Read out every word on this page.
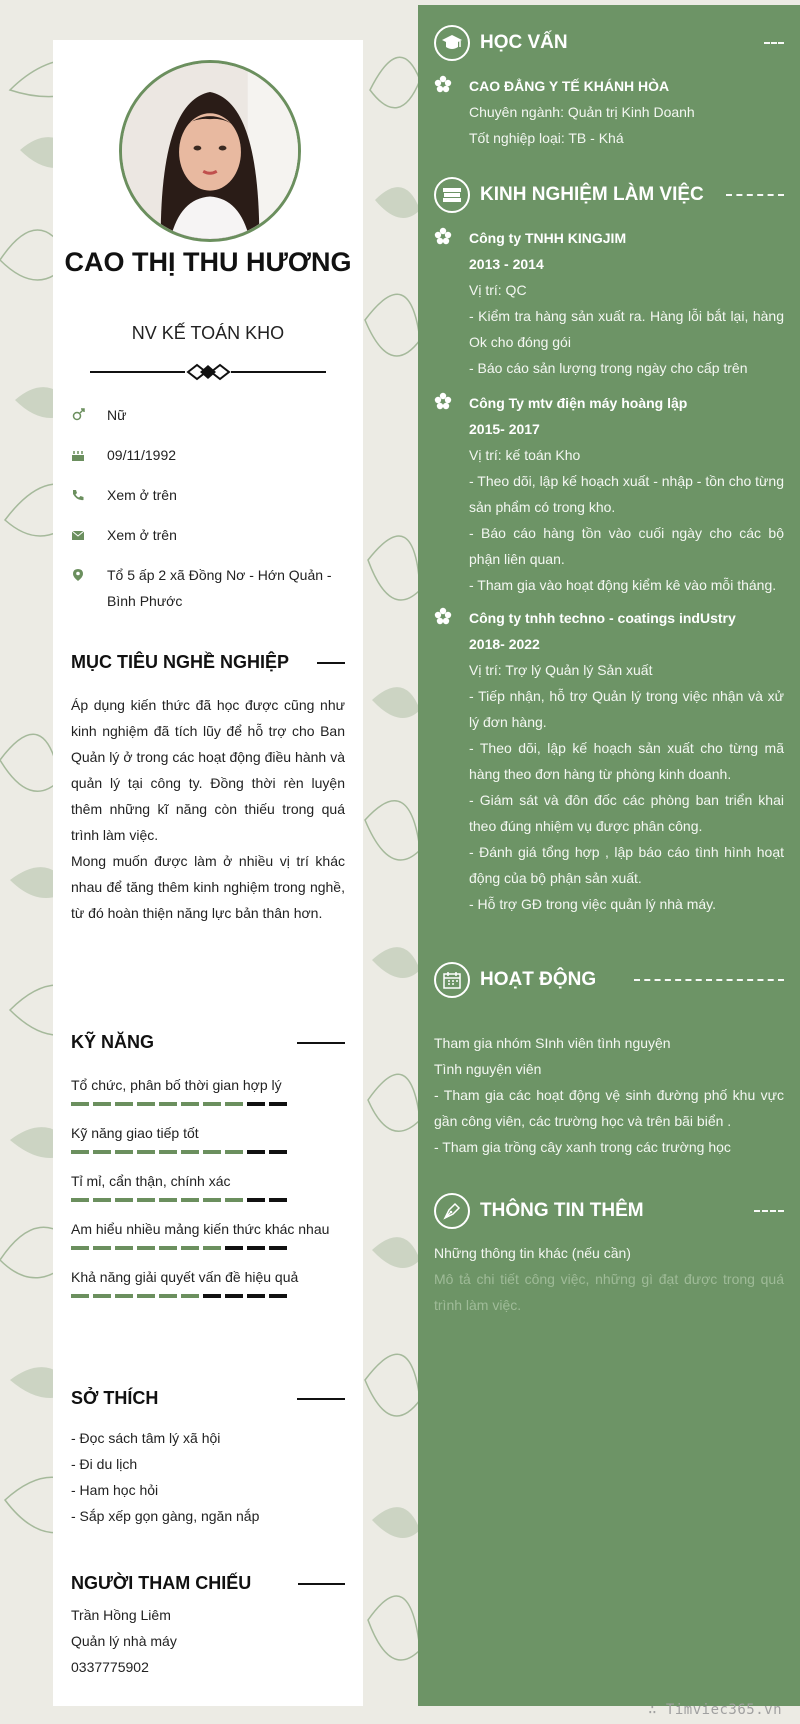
CAO THỊ THU HƯƠNG
NV KẾ TOÁN KHO
Nữ
09/11/1992
Xem ở trên
Xem ở trên
Tổ 5 ấp 2 xã Đồng Nơ - Hớn Quản - Bình Phước
MỤC TIÊU NGHỀ NGHIỆP
Áp dụng kiến thức đã học được cũng như kinh nghiệm đã tích lũy để hỗ trợ cho Ban Quản lý ở trong các hoạt động điều hành và quản lý tại công ty. Đồng thời rèn luyện thêm những kĩ năng còn thiếu trong quá trình làm việc.
Mong muốn được làm ở nhiều vị trí khác nhau để tăng thêm kinh nghiệm trong nghề, từ đó hoàn thiện năng lực bản thân hơn.
KỸ NĂNG
Tổ chức, phân bố thời gian hợp lý
Kỹ năng giao tiếp tốt
Tỉ mỉ, cẩn thận, chính xác
Am hiểu nhiều mảng kiến thức khác nhau
Khả năng giải quyết vấn đề hiệu quả
SỞ THÍCH
- Đọc sách tâm lý xã hội
- Đi du lịch
- Ham học hỏi
- Sắp xếp gọn gàng, ngăn nắp
NGƯỜI THAM CHIẾU
Trần Hồng Liêm
Quản lý nhà máy
0337775902
HỌC VẤN
CAO ĐẲNG Y TẾ KHÁNH HÒA
Chuyên ngành: Quản trị Kinh Doanh
Tốt nghiệp loại: TB - Khá
KINH NGHIỆM LÀM VIỆC
Công ty TNHH KINGJIM
2013 - 2014
Vị trí: QC
- Kiểm tra hàng sản xuất ra. Hàng lỗi bắt lại, hàng Ok cho đóng gói
- Báo cáo sản lượng trong ngày cho cấp trên
Công Ty mtv điện máy hoàng lập
2015- 2017
Vị trí: kế toán Kho
- Theo dõi, lập kế hoạch xuất - nhập - tồn cho từng sản phẩm có trong kho.
- Báo cáo hàng tồn vào cuối ngày cho các bộ phận liên quan.
- Tham gia vào hoạt động kiểm kê vào mỗi tháng.
Công ty tnhh techno - coatings indUstry
2018- 2022
Vị trí: Trợ lý Quản lý Sản xuất
- Tiếp nhận, hỗ trợ Quản lý trong việc nhận và xử lý đơn hàng.
- Theo dõi, lập kế hoạch sản xuất cho từng mã hàng theo đơn hàng từ phòng kinh doanh.
- Giám sát và đôn đốc các phòng ban triển khai theo đúng nhiệm vụ được phân công.
- Đánh giá tổng hợp , lập báo cáo tình hình hoạt động của bộ phận sản xuất.
- Hỗ trợ GĐ trong việc quản lý nhà máy.
HOẠT ĐỘNG
Tham gia nhóm SInh viên tình nguyện
Tình nguyện viên
- Tham gia các hoạt động vệ sinh đường phố khu vực gần công viên, các trường học và trên bãi biển .
- Tham gia trồng cây xanh trong các trường học
THÔNG TIN THÊM
Những thông tin khác (nếu cần)
Mô tả chi tiết công việc, những gì đạt được trong quá trình làm việc.
∴ Timviec365.vn
